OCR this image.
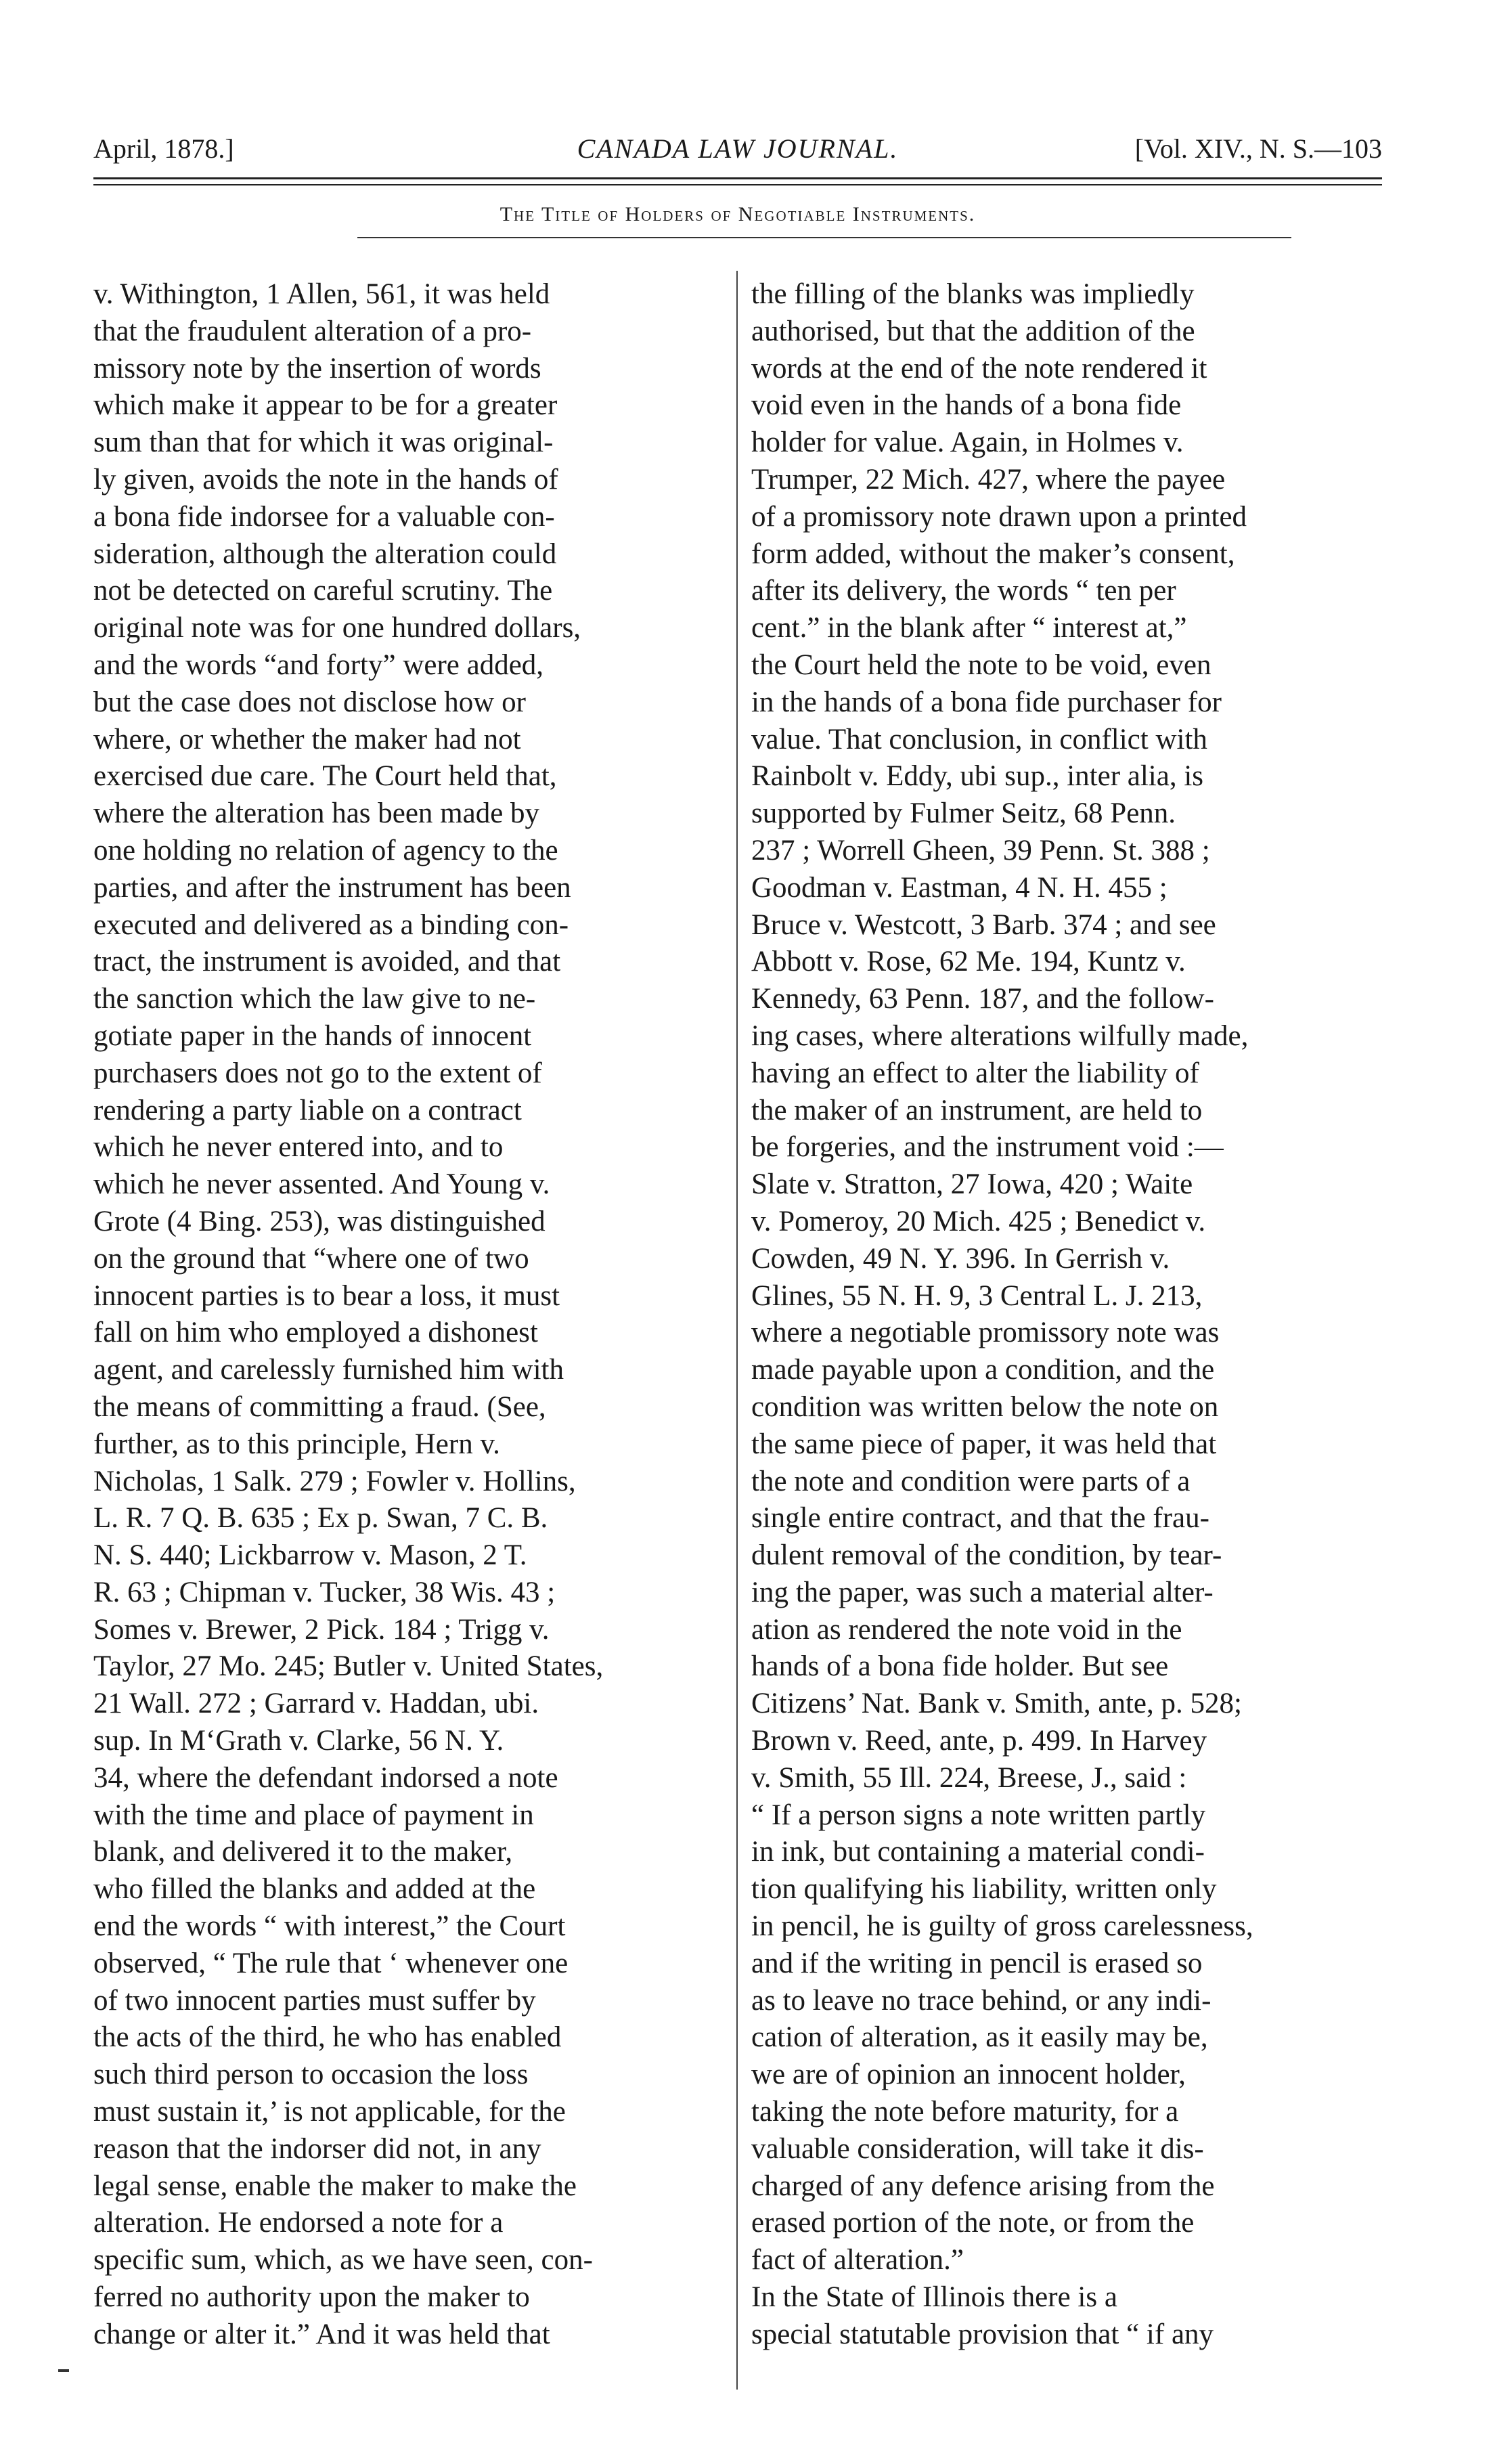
April, 1878.]	CANADA LAW JOURNAL.	[Vol. XIV., N. S.—103
The Title of Holders of Negotiable Instruments.
v. Withington, 1 Allen, 561, it was held
that the fraudulent alteration of a pro-
missory note by the insertion of words
which make it appear to be for a greater
sum than that for which it was original-
ly given, avoids the note in the hands of
a bona fide indorsee for a valuable con-
sideration, although the alteration could
not be detected on careful scrutiny. The
original note was for one hundred dollars,
and the words “and forty” were added,
but the case does not disclose how or
where, or whether the maker had not
exercised due care. The Court held that,
where the alteration has been made by
one holding no relation of agency to the
parties, and after the instrument has been
executed and delivered as a binding con-
tract, the instrument is avoided, and that
the sanction which the law give to ne-
gotiate paper in the hands of innocent
purchasers does not go to the extent of
rendering a party liable on a contract
which he never entered into, and to
which he never assented. And Young v.
Grote (4 Bing. 253), was distinguished
on the ground that “where one of two
innocent parties is to bear a loss, it must
fall on him who employed a dishonest
agent, and carelessly furnished him with
the means of committing a fraud. (See,
further, as to this principle, Hern v.
Nicholas, 1 Salk. 279 ; Fowler v. Hollins,
L. R. 7 Q. B. 635 ; Ex p. Swan, 7 C. B.
N. S. 440; Lickbarrow v. Mason, 2 T.
R. 63 ; Chipman v. Tucker, 38 Wis. 43 ;
Somes v. Brewer, 2 Pick. 184 ; Trigg v.
Taylor, 27 Mo. 245; Butler v. United States,
21 Wall. 272 ; Garrard v. Haddan, ubi.
sup. In M‘Grath v. Clarke, 56 N. Y.
34, where the defendant indorsed a note
with the time and place of payment in
blank, and delivered it to the maker,
who filled the blanks and added at the
end the words “ with interest,” the Court
observed, “ The rule that ‘ whenever one
of two innocent parties must suffer by
the acts of the third, he who has enabled
such third person to occasion the loss
must sustain it,’ is not applicable, for the
reason that the indorser did not, in any
legal sense, enable the maker to make the
alteration. He endorsed a note for a
specific sum, which, as we have seen, con-
ferred no authority upon the maker to
change or alter it.” And it was held that
the filling of the blanks was impliedly
authorised, but that the addition of the
words at the end of the note rendered it
void even in the hands of a bona fide
holder for value. Again, in Holmes v.
Trumper, 22 Mich. 427, where the payee
of a promissory note drawn upon a printed
form added, without the maker’s consent,
after its delivery, the words “ ten per
cent.” in the blank after “ interest at,”
the Court held the note to be void, even
in the hands of a bona fide purchaser for
value. That conclusion, in conflict with
Rainbolt v. Eddy, ubi sup., inter alia, is
supported by Fulmer Seitz, 68 Penn.
237 ; Worrell Gheen, 39 Penn. St. 388 ;
Goodman v. Eastman, 4 N. H. 455 ;
Bruce v. Westcott, 3 Barb. 374 ; and see
Abbott v. Rose, 62 Me. 194, Kuntz v.
Kennedy, 63 Penn. 187, and the follow-
ing cases, where alterations wilfully made,
having an effect to alter the liability of
the maker of an instrument, are held to
be forgeries, and the instrument void :—
Slate v. Stratton, 27 Iowa, 420 ; Waite
v. Pomeroy, 20 Mich. 425 ; Benedict v.
Cowden, 49 N. Y. 396. In Gerrish v.
Glines, 55 N. H. 9, 3 Central L. J. 213,
where a negotiable promissory note was
made payable upon a condition, and the
condition was written below the note on
the same piece of paper, it was held that
the note and condition were parts of a
single entire contract, and that the frau-
dulent removal of the condition, by tear-
ing the paper, was such a material alter-
ation as rendered the note void in the
hands of a bona fide holder. But see
Citizens’ Nat. Bank v. Smith, ante, p. 528;
Brown v. Reed, ante, p. 499. In Harvey
v. Smith, 55 Ill. 224, Breese, J., said :
“ If a person signs a note written partly
in ink, but containing a material condi-
tion qualifying his liability, written only
in pencil, he is guilty of gross carelessness,
and if the writing in pencil is erased so
as to leave no trace behind, or any indi-
cation of alteration, as it easily may be,
we are of opinion an innocent holder,
taking the note before maturity, for a
valuable consideration, will take it dis-
charged of any defence arising from the
erased portion of the note, or from the
fact of alteration.”
In the State of Illinois there is a
special statutable provision that “ if any
